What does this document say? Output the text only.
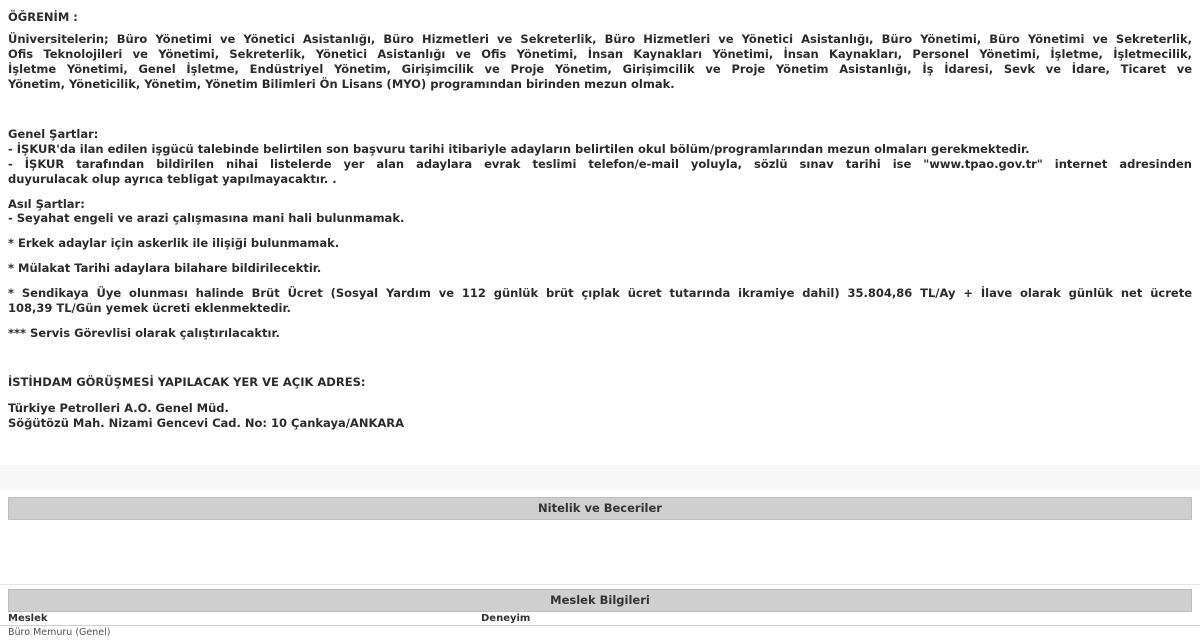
ÖĞRENİM :
Üniversitelerin; Büro Yönetimi ve Yönetici Asistanlığı, Büro Hizmetleri ve Sekreterlik, Büro Hizmetleri ve Yönetici Asistanlığı, Büro Yönetimi, Büro Yönetimi ve Sekreterlik,
Ofis Teknolojileri ve Yönetimi, Sekreterlik, Yönetici Asistanlığı ve Ofis Yönetimi, İnsan Kaynakları Yönetimi, İnsan Kaynakları, Personel Yönetimi, İşletme, İşletmecilik,
İşletme Yönetimi, Genel İşletme, Endüstriyel Yönetim, Girişimcilik ve Proje Yönetim, Girişimcilik ve Proje Yönetim Asistanlığı, İş İdaresi, Sevk ve İdare, Ticaret ve
Yönetim, Yöneticilik, Yönetim, Yönetim Bilimleri Ön Lisans (MYO) programından birinden mezun olmak.
Genel Şartlar:
- İŞKUR'da ilan edilen işgücü talebinde belirtilen son başvuru tarihi itibariyle adayların belirtilen okul bölüm/programlarından mezun olmaları gerekmektedir.
- İŞKUR tarafından bildirilen nihai listelerde yer alan adaylara evrak teslimi telefon/e-mail yoluyla, sözlü sınav tarihi ise "www.tpao.gov.tr" internet adresinden
duyurulacak olup ayrıca tebligat yapılmayacaktır. .
Asıl Şartlar:
- Seyahat engeli ve arazi çalışmasına mani hali bulunmamak.
* Erkek adaylar için askerlik ile ilişiği bulunmamak.
* Mülakat Tarihi adaylara bilahare bildirilecektir.
* Sendikaya Üye olunması halinde Brüt Ücret (Sosyal Yardım ve 112 günlük brüt çıplak ücret tutarında ikramiye dahil) 35.804,86 TL/Ay + İlave olarak günlük net ücrete
108,39 TL/Gün yemek ücreti eklenmektedir.
*** Servis Görevlisi olarak çalıştırılacaktır.
İSTİHDAM GÖRÜŞMESİ YAPILACAK YER VE AÇIK ADRES:
Türkiye Petrolleri A.O. Genel Müd.
Söğütözü Mah. Nizami Gencevi Cad. No: 10 Çankaya/ANKARA
Nitelik ve Beceriler
Meslek Bilgileri
Meslek	Deneyim
Büro Memuru (Genel)
